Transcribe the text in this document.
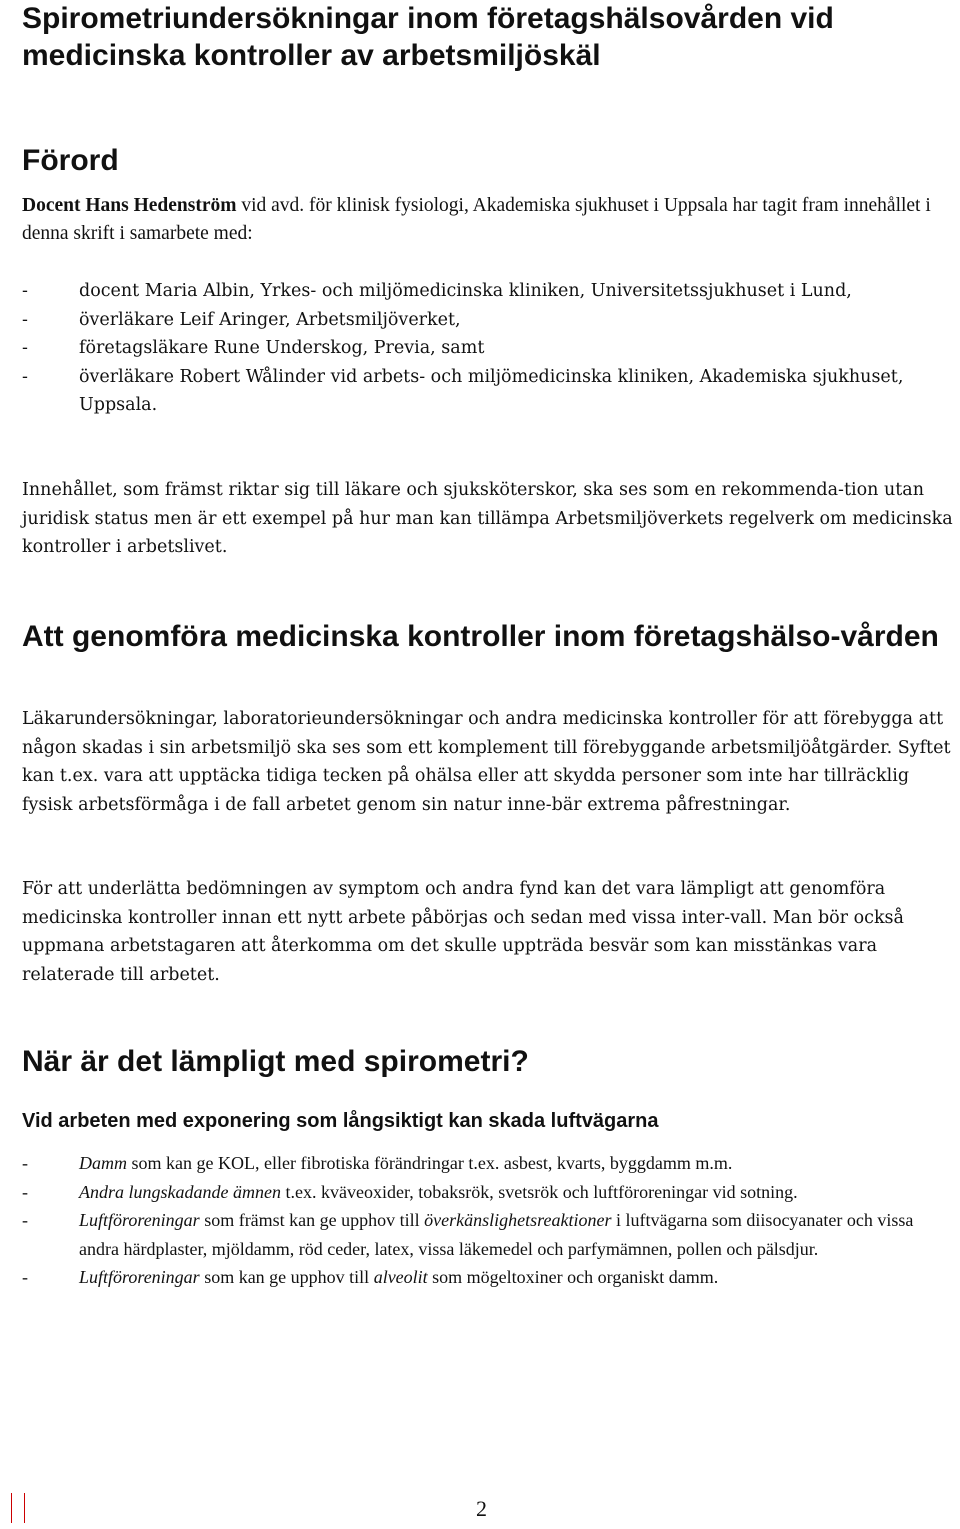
Spirometriundersökningar inom företagshälsovården vid medicinska kontroller av arbetsmiljöskäl
Förord

Docent Hans Hedenström vid avd. för klinisk fysiologi, Akademiska sjukhuset i Uppsala har tagit fram innehållet i denna skrift i samarbete med:

-	docent Maria Albin, Yrkes- och miljömedicinska kliniken, Universitetssjukhuset i Lund,
-	överläkare Leif Aringer, Arbetsmiljöverket,
-	företagsläkare Rune Underskog, Previa, samt
-	överläkare Robert Wålinder vid arbets- och miljömedicinska kliniken, Akademiska sjukhuset, Uppsala.

Innehållet, som främst riktar sig till läkare och sjuksköterskor, ska ses som en rekommenda-tion utan juridisk status men är ett exempel på hur man kan tillämpa Arbetsmiljöverkets regelverk om medicinska kontroller i arbetslivet.

Att genomföra medicinska kontroller inom företagshälso-vården

Läkarundersökningar, laboratorieundersökningar och andra medicinska kontroller för att förebygga att någon skadas i sin arbetsmiljö ska ses som ett komplement till förebyggande arbetsmiljöåtgärder. Syftet kan t.ex. vara att upptäcka tidiga tecken på ohälsa eller att skydda personer som inte har tillräcklig fysisk arbetsförmåga i de fall arbetet genom sin natur inne-bär extrema påfrestningar.

För att underlätta bedömningen av symptom och andra fynd kan det vara lämpligt att genomföra medicinska kontroller innan ett nytt arbete påbörjas och sedan med vissa inter-vall. Man bör också uppmana arbetstagaren att återkomma om det skulle uppträda besvär som kan misstänkas vara relaterade till arbetet.

När är det lämpligt med spirometri?
Vid arbeten med exponering som långsiktigt kan skada luftvägarna
-	Damm som kan ge KOL, eller fibrotiska förändringar t.ex. asbest, kvarts, byggdamm m.m.
-	Andra lungskadande ämnen t.ex. kväveoxider, tobaksrök, svetsrök och luftföroreningar vid sotning.
-	Luftföroreningar som främst kan ge upphov till överkänslighetsreaktioner i luftvägarna som diisocyanater och vissa andra härdplaster, mjöldamm, röd ceder, latex, vissa läkemedel och parfymämnen, pollen och pälsdjur.
-	Luftföroreningar som kan ge upphov till alveolit som mögeltoxiner och organiskt damm.
2
